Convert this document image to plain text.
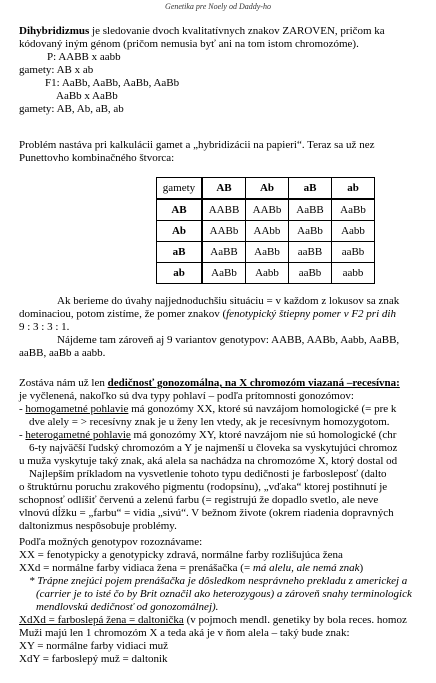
Genetika pre Noely od Daddy-ho
Dihybridizmus je sledovanie dvoch kvalitatívnych znakov ZAROVEN, pričom ka
kódovaný iným génom (pričom nemusia byť ani na tom istom chromozóme).
P: AABB x aabb
gamety: AB x ab
F1: AaBb, AaBb, AaBb, AaBb
AaBb x AaBb
gamety: AB, Ab, aB, ab
Problém nastáva pri kalkulácii gamet a „hybridizácii na papieri“. Teraz sa už nez
Punettovho kombinačného štvorca:
gamety	AB	Ab	aB	ab
AB	AABB	AABb	AaBB	AaBb
Ab	AABb	AAbb	AaBb	Aabb
aB	AaBB	AaBb	aaBB	aaBb
ab	AaBb	Aabb	aaBb	aabb
Ak berieme do úvahy najjednoduchšiu situáciu = v každom z lokusov sa znak
dominaciou, potom zistíme, že pomer znakov (fenotypický štiepny pomer v F2 pri dih
9 : 3 : 3 : 1.
Nájdeme tam zároveň aj 9 variantov genotypov: AABB, AABb, Aabb, AaBB,
aaBB, aaBb a aabb.
Zostáva nám už len dedičnosť gonozomálna, na X chromozóm viazaná –recesívna:
je vyčlenená, nakoľko sú dva typy pohlaví – podľa prítomnosti gonozómov:
- homogametné pohlavie má gonozómy XX, ktoré sú navzájom homologické (= pre k
dve alely = > recesívny znak je u ženy len vtedy, ak je recesívnym homozygotom.
- heterogametné pohlavie má gonozómy XY, ktoré navzájom nie sú homologické (chr
6-ty najväčší ľudský chromozóm a Y je najmenší u človeka sa vyskytujúci chromoz
u muža vyskytuje taký znak, aká alela sa nachádza na chromozóme X, ktorý dostal od
Najlepším príkladom na vysvetlenie tohoto typu dedičnosti je farbosleposť (dalto
o štruktúrnu poruchu zrakového pigmentu (rodopsínu), „vďaka“ ktorej postihnutí je
schopnosť odlíšiť červenú a zelenú farbu (= registrujú že dopadlo svetlo, ale neve
vlnovú dĺžku = „farbu“ = vidia „sivú“. V bežnom živote (okrem riadenia dopravných
daltonizmus nespôsobuje problémy.
Podľa možných genotypov rozoznávame:
XX = fenotypicky a genotypicky zdravá, normálne farby rozlišujúca žena
XXd = normálne farby vidiaca žena = prenášačka (= má alelu, ale nemá znak)
* Trápne znejúci pojem prenášačka je dôsledkom nesprávneho prekladu z americkej a
(carrier je to isté čo by Brit označil ako heterozygous) a zároveň snahy terminologick
mendlovskú dedičnosť od gonozomálnej).
XdXd = farbosleрá žena = daltonička (v pojmoch mendl. genetiky by bola reces. homoz
Muži majú len 1 chromozóm X a teda aká je v ňom alela – taký bude znak:
XY = normálne farby vidiaci muž
XdY = farboslepý muž = daltonik
